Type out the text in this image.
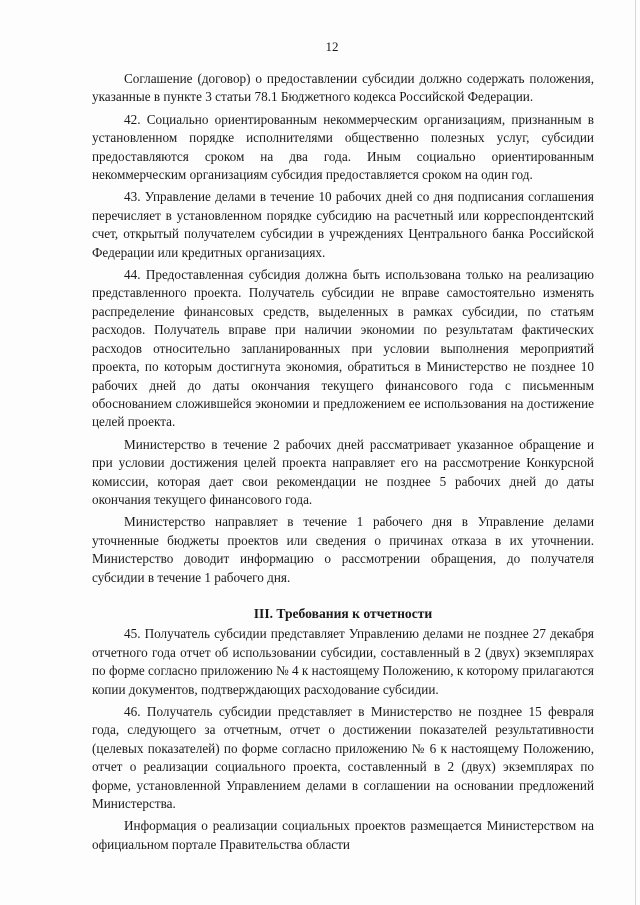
12

Соглашение (договор) о предоставлении субсидии должно содержать положения, указанные в пункте 3 статьи 78.1 Бюджетного кодекса Российской Федерации.

42. Социально ориентированным некоммерческим организациям, признанным в установленном порядке исполнителями общественно полезных услуг, субсидии предоставляются сроком на два года. Иным социально ориентированным некоммерческим организациям субсидия предоставляется сроком на один год.

43. Управление делами в течение 10 рабочих дней со дня подписания соглашения перечисляет в установленном порядке субсидию на расчетный или корреспондентский счет, открытый получателем субсидии в учреждениях Центрального банка Российской Федерации или кредитных организациях.

44. Предоставленная субсидия должна быть использована только на реализацию представленного проекта. Получатель субсидии не вправе самостоятельно изменять распределение финансовых средств, выделенных в рамках субсидии, по статьям расходов. Получатель вправе при наличии экономии по результатам фактических расходов относительно запланированных при условии выполнения мероприятий проекта, по которым достигнута экономия, обратиться в Министерство не позднее 10 рабочих дней до даты окончания текущего финансового года с письменным обоснованием сложившейся экономии и предложением ее использования на достижение целей проекта.

Министерство в течение 2 рабочих дней рассматривает указанное обращение и при условии достижения целей проекта направляет его на рассмотрение Конкурсной комиссии, которая дает свои рекомендации не позднее 5 рабочих дней до даты окончания текущего финансового года.

Министерство направляет в течение 1 рабочего дня в Управление делами уточненные бюджеты проектов или сведения о причинах отказа в их уточнении. Министерство доводит информацию о рассмотрении обращения, до получателя субсидии в течение 1 рабочего дня.

III. Требования к отчетности

45. Получатель субсидии представляет Управлению делами не позднее 27 декабря отчетного года отчет об использовании субсидии, составленный в 2 (двух) экземплярах по форме согласно приложению № 4 к настоящему Положению, к которому прилагаются копии документов, подтверждающих расходование субсидии.

46. Получатель субсидии представляет в Министерство не позднее 15 февраля года, следующего за отчетным, отчет о достижении показателей результативности (целевых показателей) по форме согласно приложению № 6 к настоящему Положению, отчет о реализации социального проекта, составленный в 2 (двух) экземплярах по форме, установленной Управлением делами в соглашении на основании предложений Министерства.

Информация о реализации социальных проектов размещается Министерством на официальном портале Правительства области
